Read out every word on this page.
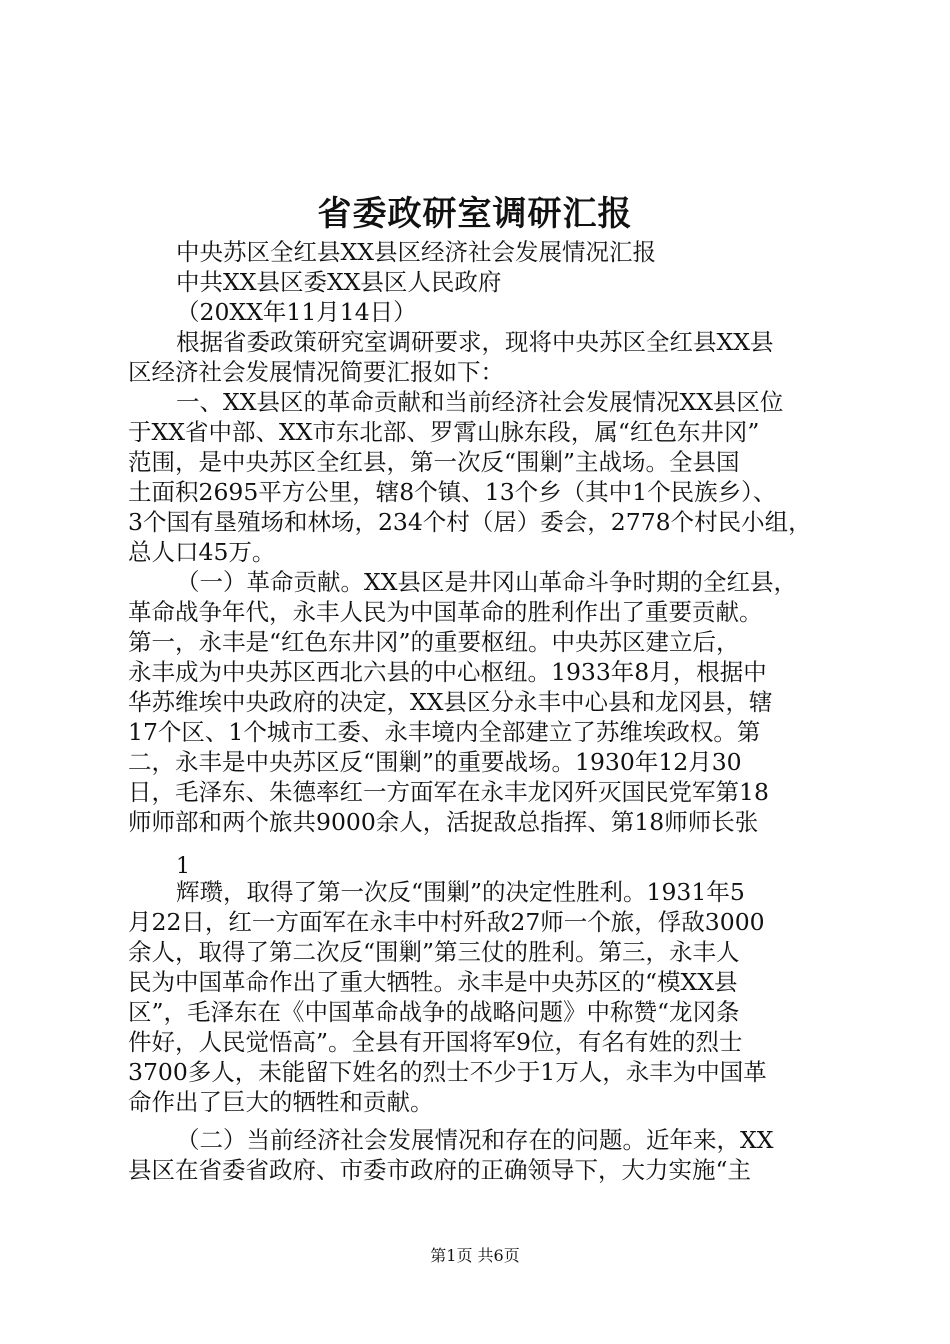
省委政研室调研汇报

中央苏区全红县XX县区经济社会发展情况汇报

中共XX县区委XX县区人民政府

（20XX年11月14日）

根据省委政策研究室调研要求，现将中央苏区全红县XX县

区经济社会发展情况简要汇报如下：

一、XX县区的革命贡献和当前经济社会发展情况XX县区位

于XX省中部、XX市东北部、罗霄山脉东段，属“红色东井冈”

范围，是中央苏区全红县，第一次反“围剿”主战场。全县国

土面积2695平方公里，辖8个镇、13个乡（其中1个民族乡）、

3个国有垦殖场和林场，234个村（居）委会，2778个村民小组，

总人口45万。

（一）革命贡献。XX县区是井冈山革命斗争时期的全红县，

革命战争年代，永丰人民为中国革命的胜利作出了重要贡献。

第一，永丰是“红色东井冈”的重要枢纽。中央苏区建立后，

永丰成为中央苏区西北六县的中心枢纽。1933年8月，根据中

华苏维埃中央政府的决定，XX县区分永丰中心县和龙冈县，辖

17个区、1个城市工委、永丰境内全部建立了苏维埃政权。第

二，永丰是中央苏区反“围剿”的重要战场。1930年12月30

日，毛泽东、朱德率红一方面军在永丰龙冈歼灭国民党军第18

师师部和两个旅共9000余人，活捉敌总指挥、第18师师长张

1

辉瓒，取得了第一次反“围剿”的决定性胜利。1931年5

月22日，红一方面军在永丰中村歼敌27师一个旅，俘敌3000

余人，取得了第二次反“围剿”第三仗的胜利。第三，永丰人

民为中国革命作出了重大牺牲。永丰是中央苏区的“模XX县

区”，毛泽东在《中国革命战争的战略问题》中称赞“龙冈条

件好，人民觉悟高”。全县有开国将军9位，有名有姓的烈士

3700多人，未能留下姓名的烈士不少于1万人，永丰为中国革

命作出了巨大的牺牲和贡献。

（二）当前经济社会发展情况和存在的问题。近年来，XX

县区在省委省政府、市委市政府的正确领导下，大力实施“主

第1页 共6页
